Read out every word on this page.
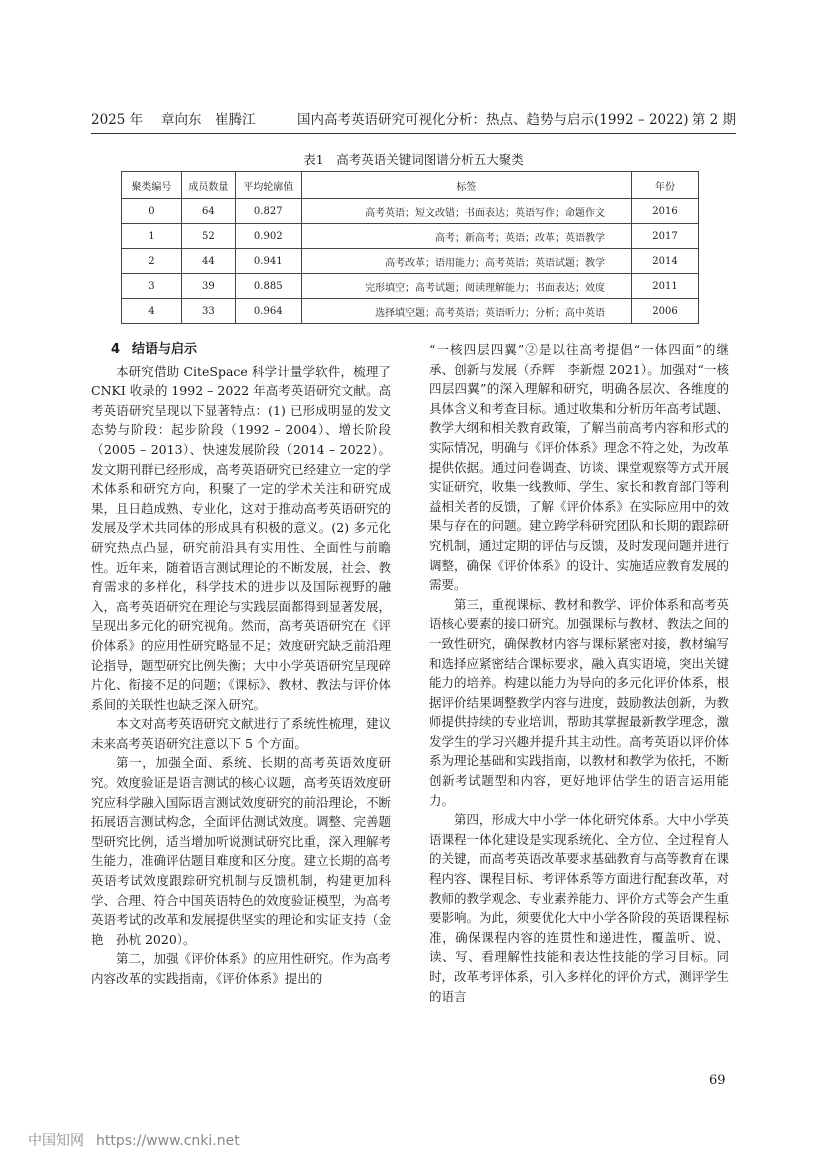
2025 年 章向东　崔腾江	国内高考英语研究可视化分析：热点、趋势与启示(1992 – 2022) 第 2 期
表1　高考英语关键词图谱分析五大聚类
聚类编号	成员数量	平均轮廓值	标签	年份
0	64	0.827	高考英语；短文改错；书面表达；英语写作；命题作文	2016
1	52	0.902	高考；新高考；英语；改革；英语教学	2017
2	44	0.941	高考改革；语用能力；高考英语；英语试题；教学	2014
3	39	0.885	完形填空；高考试题；阅读理解能力；书面表达；效度	2011
4	33	0.964	选择填空题；高考英语；英语听力；分析；高中英语	2006
4 结语与启示

本研究借助 CiteSpace 科学计量学软件，梳理了 CNKI 收录的 1992 – 2022 年高考英语研究文献。高考英语研究呈现以下显著特点：(1) 已形成明显的发文态势与阶段：起步阶段（1992 – 2004）、增长阶段（2005 – 2013）、快速发展阶段（2014 – 2022）。发文期刊群已经形成，高考英语研究已经建立一定的学术体系和研究方向，积聚了一定的学术关注和研究成果，且日趋成熟、专业化，这对于推动高考英语研究的发展及学术共同体的形成具有积极的意义。(2) 多元化研究热点凸显，研究前沿具有实用性、全面性与前瞻性。近年来，随着语言测试理论的不断发展，社会、教育需求的多样化，科学技术的进步以及国际视野的融入，高考英语研究在理论与实践层面都得到显著发展，呈现出多元化的研究视角。然而，高考英语研究在《评价体系》的应用性研究略显不足；效度研究缺乏前沿理论指导，题型研究比例失衡；大中小学英语研究呈现碎片化、衔接不足的问题；《课标》、教材、教法与评价体系间的关联性也缺乏深入研究。

本文对高考英语研究文献进行了系统性梳理，建议未来高考英语研究注意以下 5 个方面。

第一，加强全面、系统、长期的高考英语效度研究。效度验证是语言测试的核心议题，高考英语效度研究应科学融入国际语言测试效度研究的前沿理论，不断拓展语言测试构念，全面评估测试效度。调整、完善题型研究比例，适当增加听说测试研究比重，深入理解考生能力，准确评估题目难度和区分度。建立长期的高考英语考试效度跟踪研究机制与反馈机制，构建更加科学、合理、符合中国英语特色的效度验证模型，为高考英语考试的改革和发展提供坚实的理论和实证支持（金艳　孙杭 2020）。

第二，加强《评价体系》的应用性研究。作为高考内容改革的实践指南，《评价体系》提出的

“一核四层四翼”②是以往高考提倡“一体四面”的继承、创新与发展（乔辉　李新煜 2021）。加强对“一核四层四翼”的深入理解和研究，明确各层次、各维度的具体含义和考查目标。通过收集和分析历年高考试题、教学大纲和相关教育政策，了解当前高考内容和形式的实际情况，明确与《评价体系》理念不符之处，为改革提供依据。通过问卷调查、访谈、课堂观察等方式开展实证研究，收集一线教师、学生、家长和教育部门等利益相关者的反馈，了解《评价体系》在实际应用中的效果与存在的问题。建立跨学科研究团队和长期的跟踪研究机制，通过定期的评估与反馈，及时发现问题并进行调整，确保《评价体系》的设计、实施适应教育发展的需要。

第三，重视课标、教材和教学、评价体系和高考英语核心要素的接口研究。加强课标与教材、教法之间的一致性研究，确保教材内容与课标紧密对接，教材编写和选择应紧密结合课标要求，融入真实语境，突出关键能力的培养。构建以能力为导向的多元化评价体系，根据评价结果调整教学内容与进度，鼓励教法创新，为教师提供持续的专业培训，帮助其掌握最新教学理念，激发学生的学习兴趣并提升其主动性。高考英语以评价体系为理论基础和实践指南，以教材和教学为依托，不断创新考试题型和内容，更好地评估学生的语言运用能力。

第四，形成大中小学一体化研究体系。大中小学英语课程一体化建设是实现系统化、全方位、全过程育人的关键，而高考英语改革要求基础教育与高等教育在课程内容、课程目标、考评体系等方面进行配套改革，对教师的教学观念、专业素养能力、评价方式等会产生重要影响。为此，须要优化大中小学各阶段的英语课程标准，确保课程内容的连贯性和递进性，覆盖听、说、读、写、看理解性技能和表达性技能的学习目标。同时，改革考评体系，引入多样化的评价方式，测评学生的语言

69
中国知网 https://www.cnki.net
